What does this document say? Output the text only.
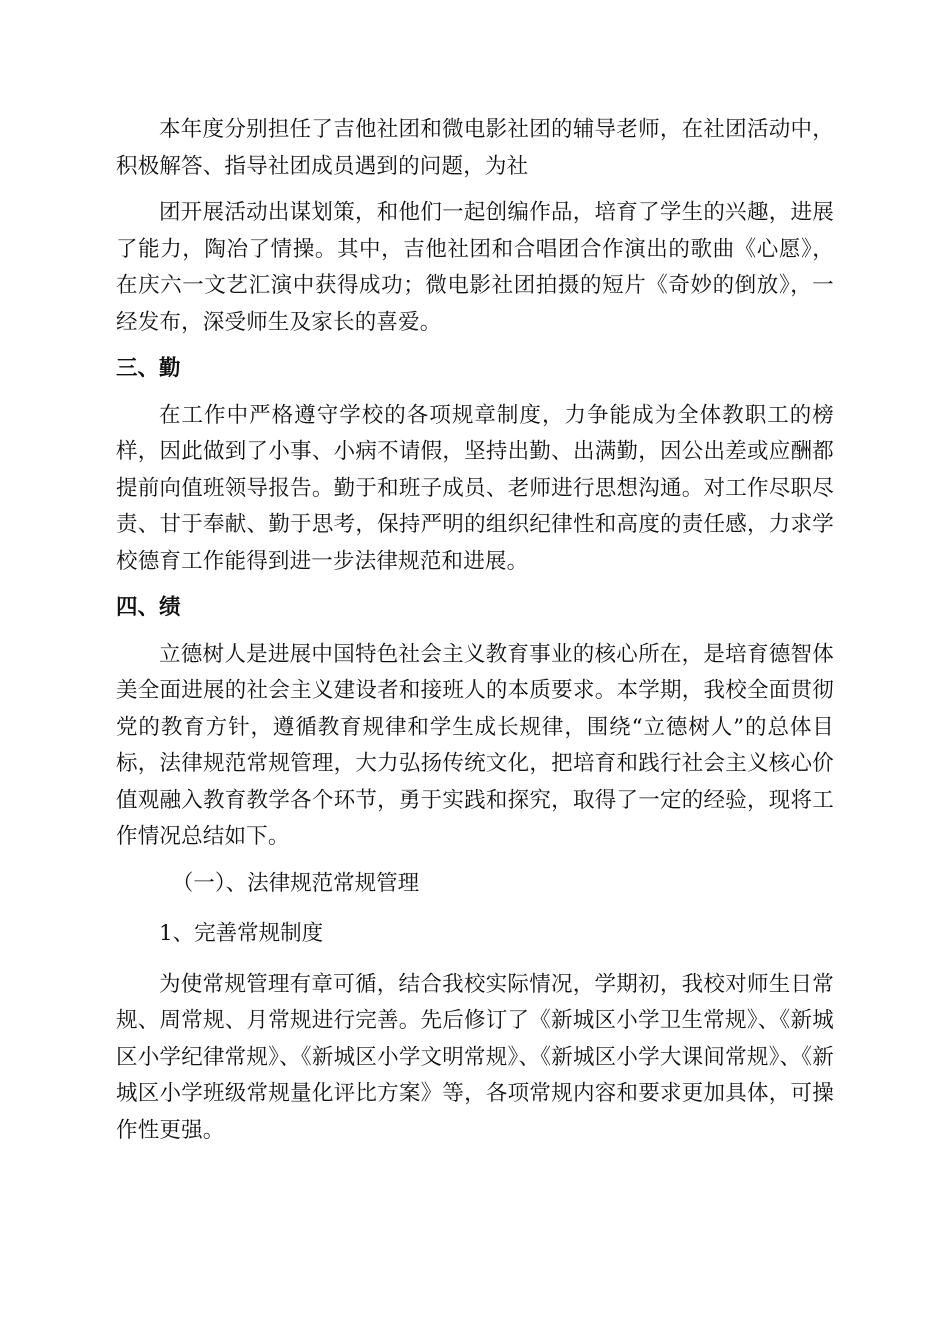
本年度分别担任了吉他社团和微电影社团的辅导老师，在社团活动中，积极解答、指导社团成员遇到的问题，为社

团开展活动出谋划策，和他们一起创编作品，培育了学生的兴趣，进展了能力，陶冶了情操。其中，吉他社团和合唱团合作演出的歌曲《心愿》，在庆六一文艺汇演中获得成功；微电影社团拍摄的短片《奇妙的倒放》，一经发布，深受师生及家长的喜爱。

三、勤

在工作中严格遵守学校的各项规章制度，力争能成为全体教职工的榜样，因此做到了小事、小病不请假，坚持出勤、出满勤，因公出差或应酬都提前向值班领导报告。勤于和班子成员、老师进行思想沟通。对工作尽职尽责、甘于奉献、勤于思考，保持严明的组织纪律性和高度的责任感，力求学校德育工作能得到进一步法律规范和进展。

四、绩

立德树人是进展中国特色社会主义教育事业的核心所在，是培育德智体美全面进展的社会主义建设者和接班人的本质要求。本学期，我校全面贯彻党的教育方针，遵循教育规律和学生成长规律，围绕“立德树人”的总体目标，法律规范常规管理，大力弘扬传统文化，把培育和践行社会主义核心价值观融入教育教学各个环节，勇于实践和探究，取得了一定的经验，现将工作情况总结如下。

（一）、法律规范常规管理
1、完善常规制度

为使常规管理有章可循，结合我校实际情况，学期初，我校对师生日常规、周常规、月常规进行完善。先后修订了《新城区小学卫生常规》、《新城区小学纪律常规》、《新城区小学文明常规》、《新城区小学大课间常规》、《新城区小学班级常规量化评比方案》等，各项常规内容和要求更加具体，可操作性更强。
